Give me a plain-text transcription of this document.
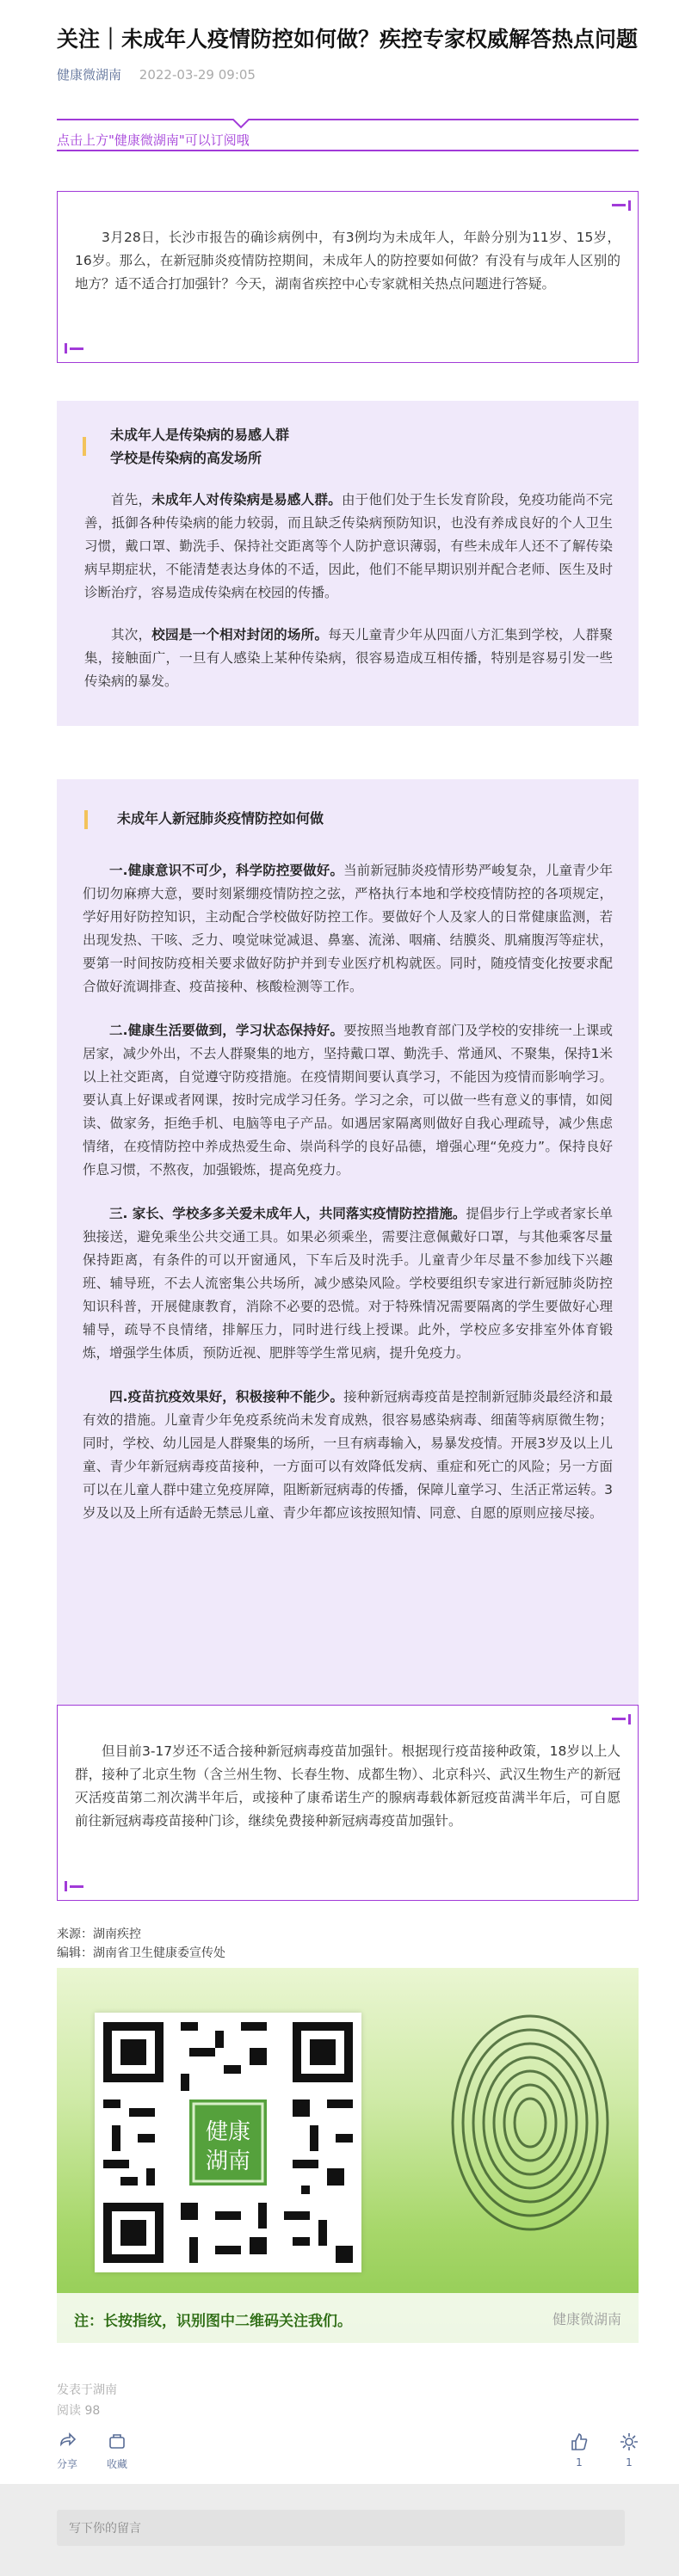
关注｜未成年人疫情防控如何做？疾控专家权威解答热点问题
健康微湖南 2022-03-29 09:05
点击上方"健康微湖南"可以订阅哦

3月28日，长沙市报告的确诊病例中，有3例均为未成年人，年龄分别为11岁、15岁，16岁。那么，在新冠肺炎疫情防控期间，未成年人的防控要如何做？有没有与成年人区别的地方？适不适合打加强针？今天，湖南省疾控中心专家就相关热点问题进行答疑。

未成年人是传染病的易感人群
学校是传染病的高发场所

首先，未成年人对传染病是易感人群。由于他们处于生长发育阶段，免疫功能尚不完善，抵御各种传染病的能力较弱，而且缺乏传染病预防知识，也没有养成良好的个人卫生习惯，戴口罩、勤洗手、保持社交距离等个人防护意识薄弱，有些未成年人还不了解传染病早期症状，不能清楚表达身体的不适，因此，他们不能早期识别并配合老师、医生及时诊断治疗，容易造成传染病在校园的传播。

其次，校园是一个相对封闭的场所。每天儿童青少年从四面八方汇集到学校，人群聚集，接触面广，一旦有人感染上某种传染病，很容易造成互相传播，特别是容易引发一些传染病的暴发。

未成年人新冠肺炎疫情防控如何做

一.健康意识不可少，科学防控要做好。当前新冠肺炎疫情形势严峻复杂，儿童青少年们切勿麻痹大意，要时刻紧绷疫情防控之弦，严格执行本地和学校疫情防控的各项规定，学好用好防控知识，主动配合学校做好防控工作。要做好个人及家人的日常健康监测，若出现发热、干咳、乏力、嗅觉味觉减退、鼻塞、流涕、咽痛、结膜炎、肌痛腹泻等症状，要第一时间按防疫相关要求做好防护并到专业医疗机构就医。同时，随疫情变化按要求配合做好流调排查、疫苗接种、核酸检测等工作。

二.健康生活要做到，学习状态保持好。要按照当地教育部门及学校的安排统一上课或居家，减少外出，不去人群聚集的地方，坚持戴口罩、勤洗手、常通风、不聚集，保持1米以上社交距离，自觉遵守防疫措施。在疫情期间要认真学习，不能因为疫情而影响学习。要认真上好课或者网课，按时完成学习任务。学习之余，可以做一些有意义的事情，如阅读、做家务，拒绝手机、电脑等电子产品。如遇居家隔离则做好自我心理疏导，减少焦虑情绪，在疫情防控中养成热爱生命、崇尚科学的良好品德，增强心理“免疫力”。保持良好作息习惯，不熬夜，加强锻炼，提高免疫力。

三. 家长、学校多多关爱未成年人，共同落实疫情防控措施。提倡步行上学或者家长单独接送，避免乘坐公共交通工具。如果必须乘坐，需要注意佩戴好口罩，与其他乘客尽量保持距离，有条件的可以开窗通风，下车后及时洗手。儿童青少年尽量不参加线下兴趣班、辅导班，不去人流密集公共场所，减少感染风险。学校要组织专家进行新冠肺炎防控知识科普，开展健康教育，消除不必要的恐慌。对于特殊情况需要隔离的学生要做好心理辅导，疏导不良情绪，排解压力，同时进行线上授课。此外，学校应多安排室外体育锻炼，增强学生体质，预防近视、肥胖等学生常见病，提升免疫力。

四.疫苗抗疫效果好，积极接种不能少。接种新冠病毒疫苗是控制新冠肺炎最经济和最有效的措施。儿童青少年免疫系统尚未发育成熟，很容易感染病毒、细菌等病原微生物；同时，学校、幼儿园是人群聚集的场所，一旦有病毒输入，易暴发疫情。开展3岁及以上儿童、青少年新冠病毒疫苗接种，一方面可以有效降低发病、重症和死亡的风险；另一方面可以在儿童人群中建立免疫屏障，阻断新冠病毒的传播，保障儿童学习、生活正常运转。3岁及以及上所有适龄无禁忌儿童、青少年都应该按照知情、同意、自愿的原则应接尽接。

但目前3-17岁还不适合接种新冠病毒疫苗加强针。根据现行疫苗接种政策，18岁以上人群，接种了北京生物（含兰州生物、长春生物、成都生物）、北京科兴、武汉生物生产的新冠灭活疫苗第二剂次满半年后，或接种了康希诺生产的腺病毒载体新冠疫苗满半年后，可自愿前往新冠病毒疫苗接种门诊，继续免费接种新冠病毒疫苗加强针。

来源：湖南疾控
编辑：湖南省卫生健康委宣传处
健康
湖南
注：长按指纹，识别图中二维码关注我们。	健康微湖南
发表于湖南
阅读 98
分享	收藏	1	1
写下你的留言
